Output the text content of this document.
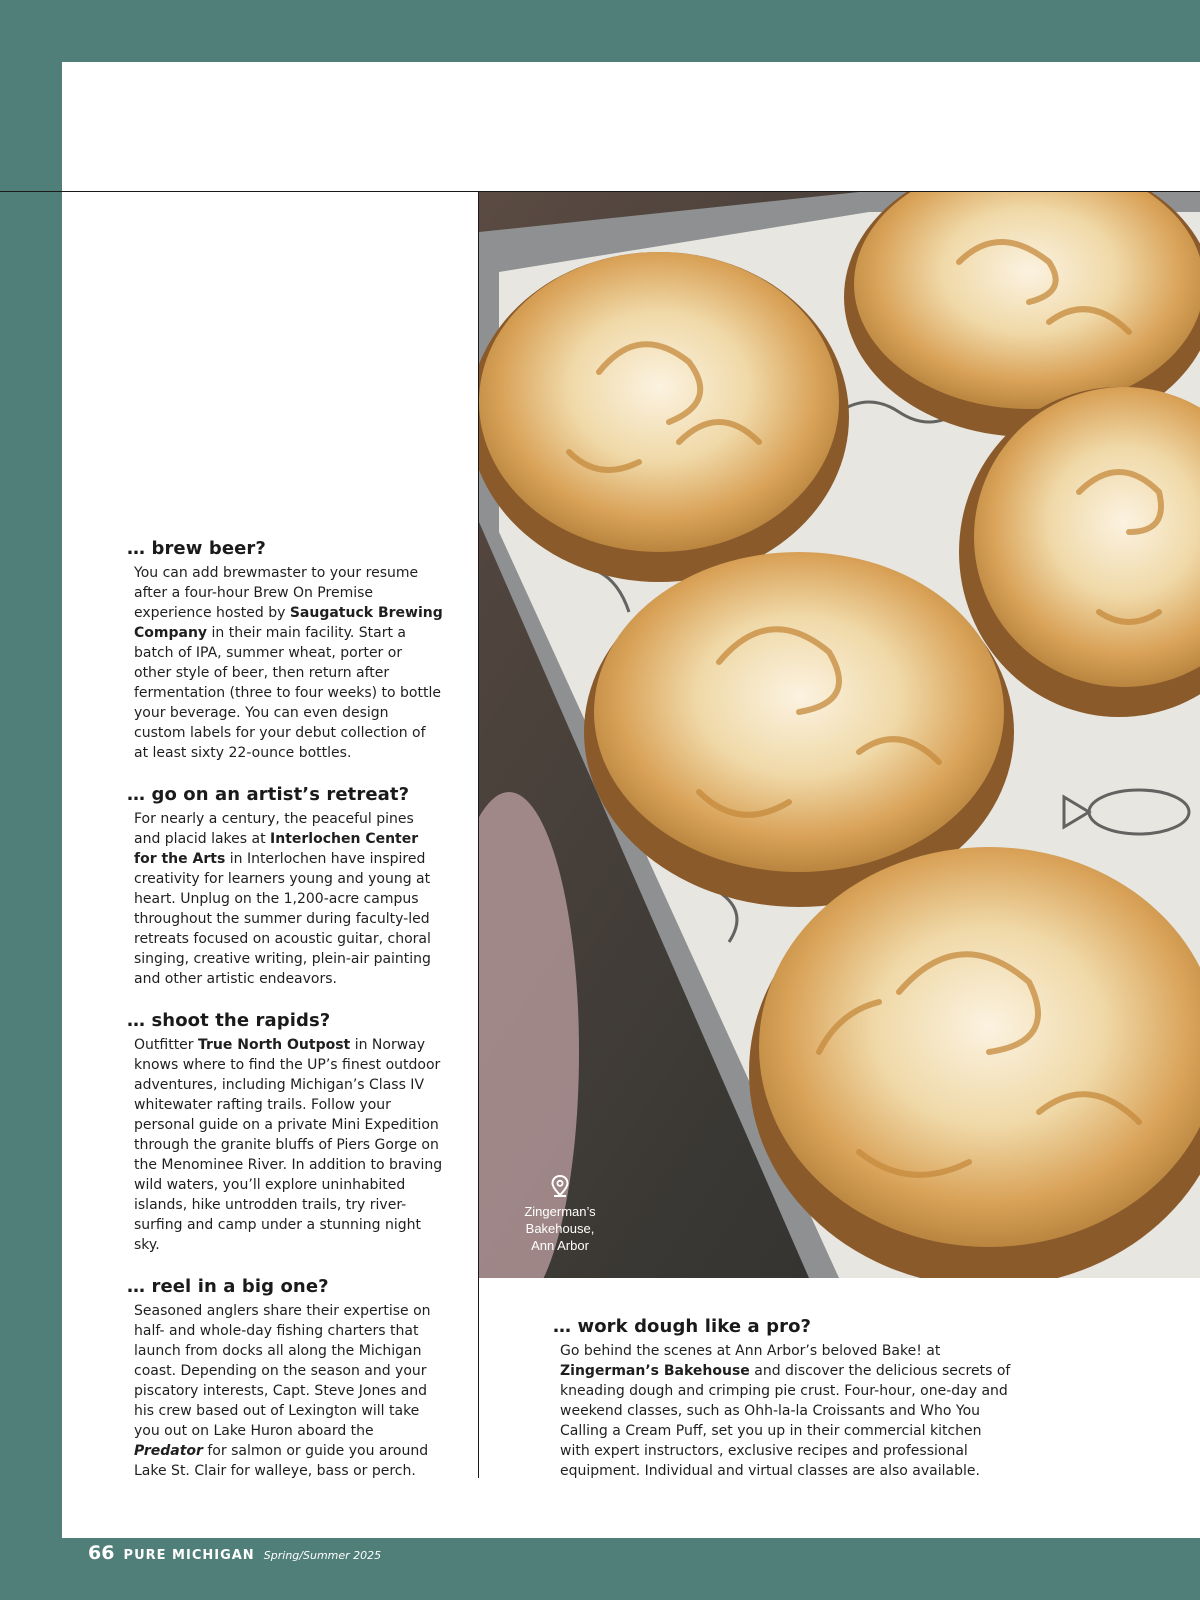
Zingerman’s
Bakehouse,
Ann Arbor
… brew beer?
You can add brewmaster to your resume after a four-hour Brew On Premise experience hosted by Saugatuck Brewing Company in their main facility. Start a batch of IPA, summer wheat, porter or other style of beer, then return after fermentation (three to four weeks) to bottle your beverage. You can even design custom labels for your debut collection of at least sixty 22-ounce bottles.
… go on an artist’s retreat?
For nearly a century, the peaceful pines and placid lakes at Interlochen Center for the Arts in Interlochen have inspired creativity for learners young and young at heart. Unplug on the 1,200-acre campus throughout the summer during faculty-led retreats focused on acoustic guitar, choral singing, creative writing, plein-air painting and other artistic endeavors.
… shoot the rapids?
Outfitter True North Outpost in Norway knows where to find the UP’s finest outdoor adventures, including Michigan’s Class IV whitewater rafting trails. Follow your personal guide on a private Mini Expedition through the granite bluffs of Piers Gorge on the Menominee River. In addition to braving wild waters, you’ll explore uninhabited islands, hike untrodden trails, try river-surfing and camp under a stunning night sky.
… reel in a big one?
Seasoned anglers share their expertise on half- and whole-day fishing charters that launch from docks all along the Michigan coast. Depending on the season and your piscatory interests, Capt. Steve Jones and his crew based out of Lexington will take you out on Lake Huron aboard the Predator for salmon or guide you around Lake St. Clair for walleye, bass or perch.
… work dough like a pro?
Go behind the scenes at Ann Arbor’s beloved Bake! at Zingerman’s Bakehouse and discover the delicious secrets of kneading dough and crimping pie crust. Four-hour, one-day and weekend classes, such as Ohh-la-la Croissants and Who You Calling a Cream Puff, set you up in their commercial kitchen with expert instructors, exclusive recipes and professional equipment. Individual and virtual classes are also available.
66 PURE MICHIGAN Spring/Summer 2025
